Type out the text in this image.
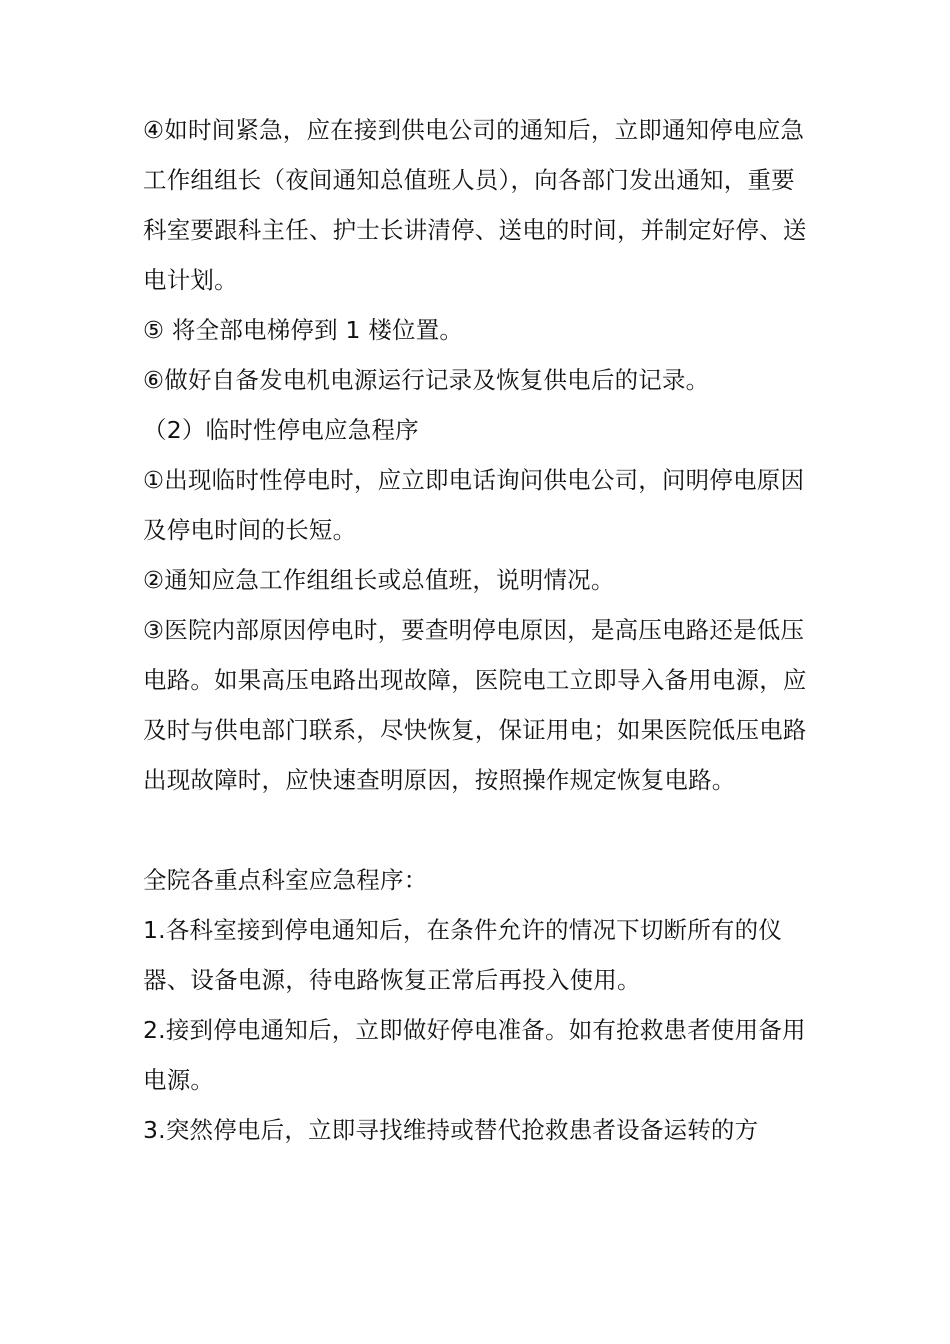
④如时间紧急，应在接到供电公司的通知后，立即通知停电应急工作组组长（夜间通知总值班人员），向各部门发出通知，重要科室要跟科主任、护士长讲清停、送电的时间，并制定好停、送电计划。

⑤ 将全部电梯停到 1 楼位置。

⑥做好自备发电机电源运行记录及恢复供电后的记录。

（2）临时性停电应急程序

①出现临时性停电时，应立即电话询问供电公司，问明停电原因及停电时间的长短。

②通知应急工作组组长或总值班，说明情况。

③医院内部原因停电时，要查明停电原因，是高压电路还是低压电路。如果高压电路出现故障，医院电工立即导入备用电源，应及时与供电部门联系，尽快恢复，保证用电；如果医院低压电路出现故障时，应快速查明原因，按照操作规定恢复电路。

全院各重点科室应急程序：

1.各科室接到停电通知后，在条件允许的情况下切断所有的仪器、设备电源，待电路恢复正常后再投入使用。

2.接到停电通知后，立即做好停电准备。如有抢救患者使用备用电源。

3.突然停电后，立即寻找维持或替代抢救患者设备运转的方
